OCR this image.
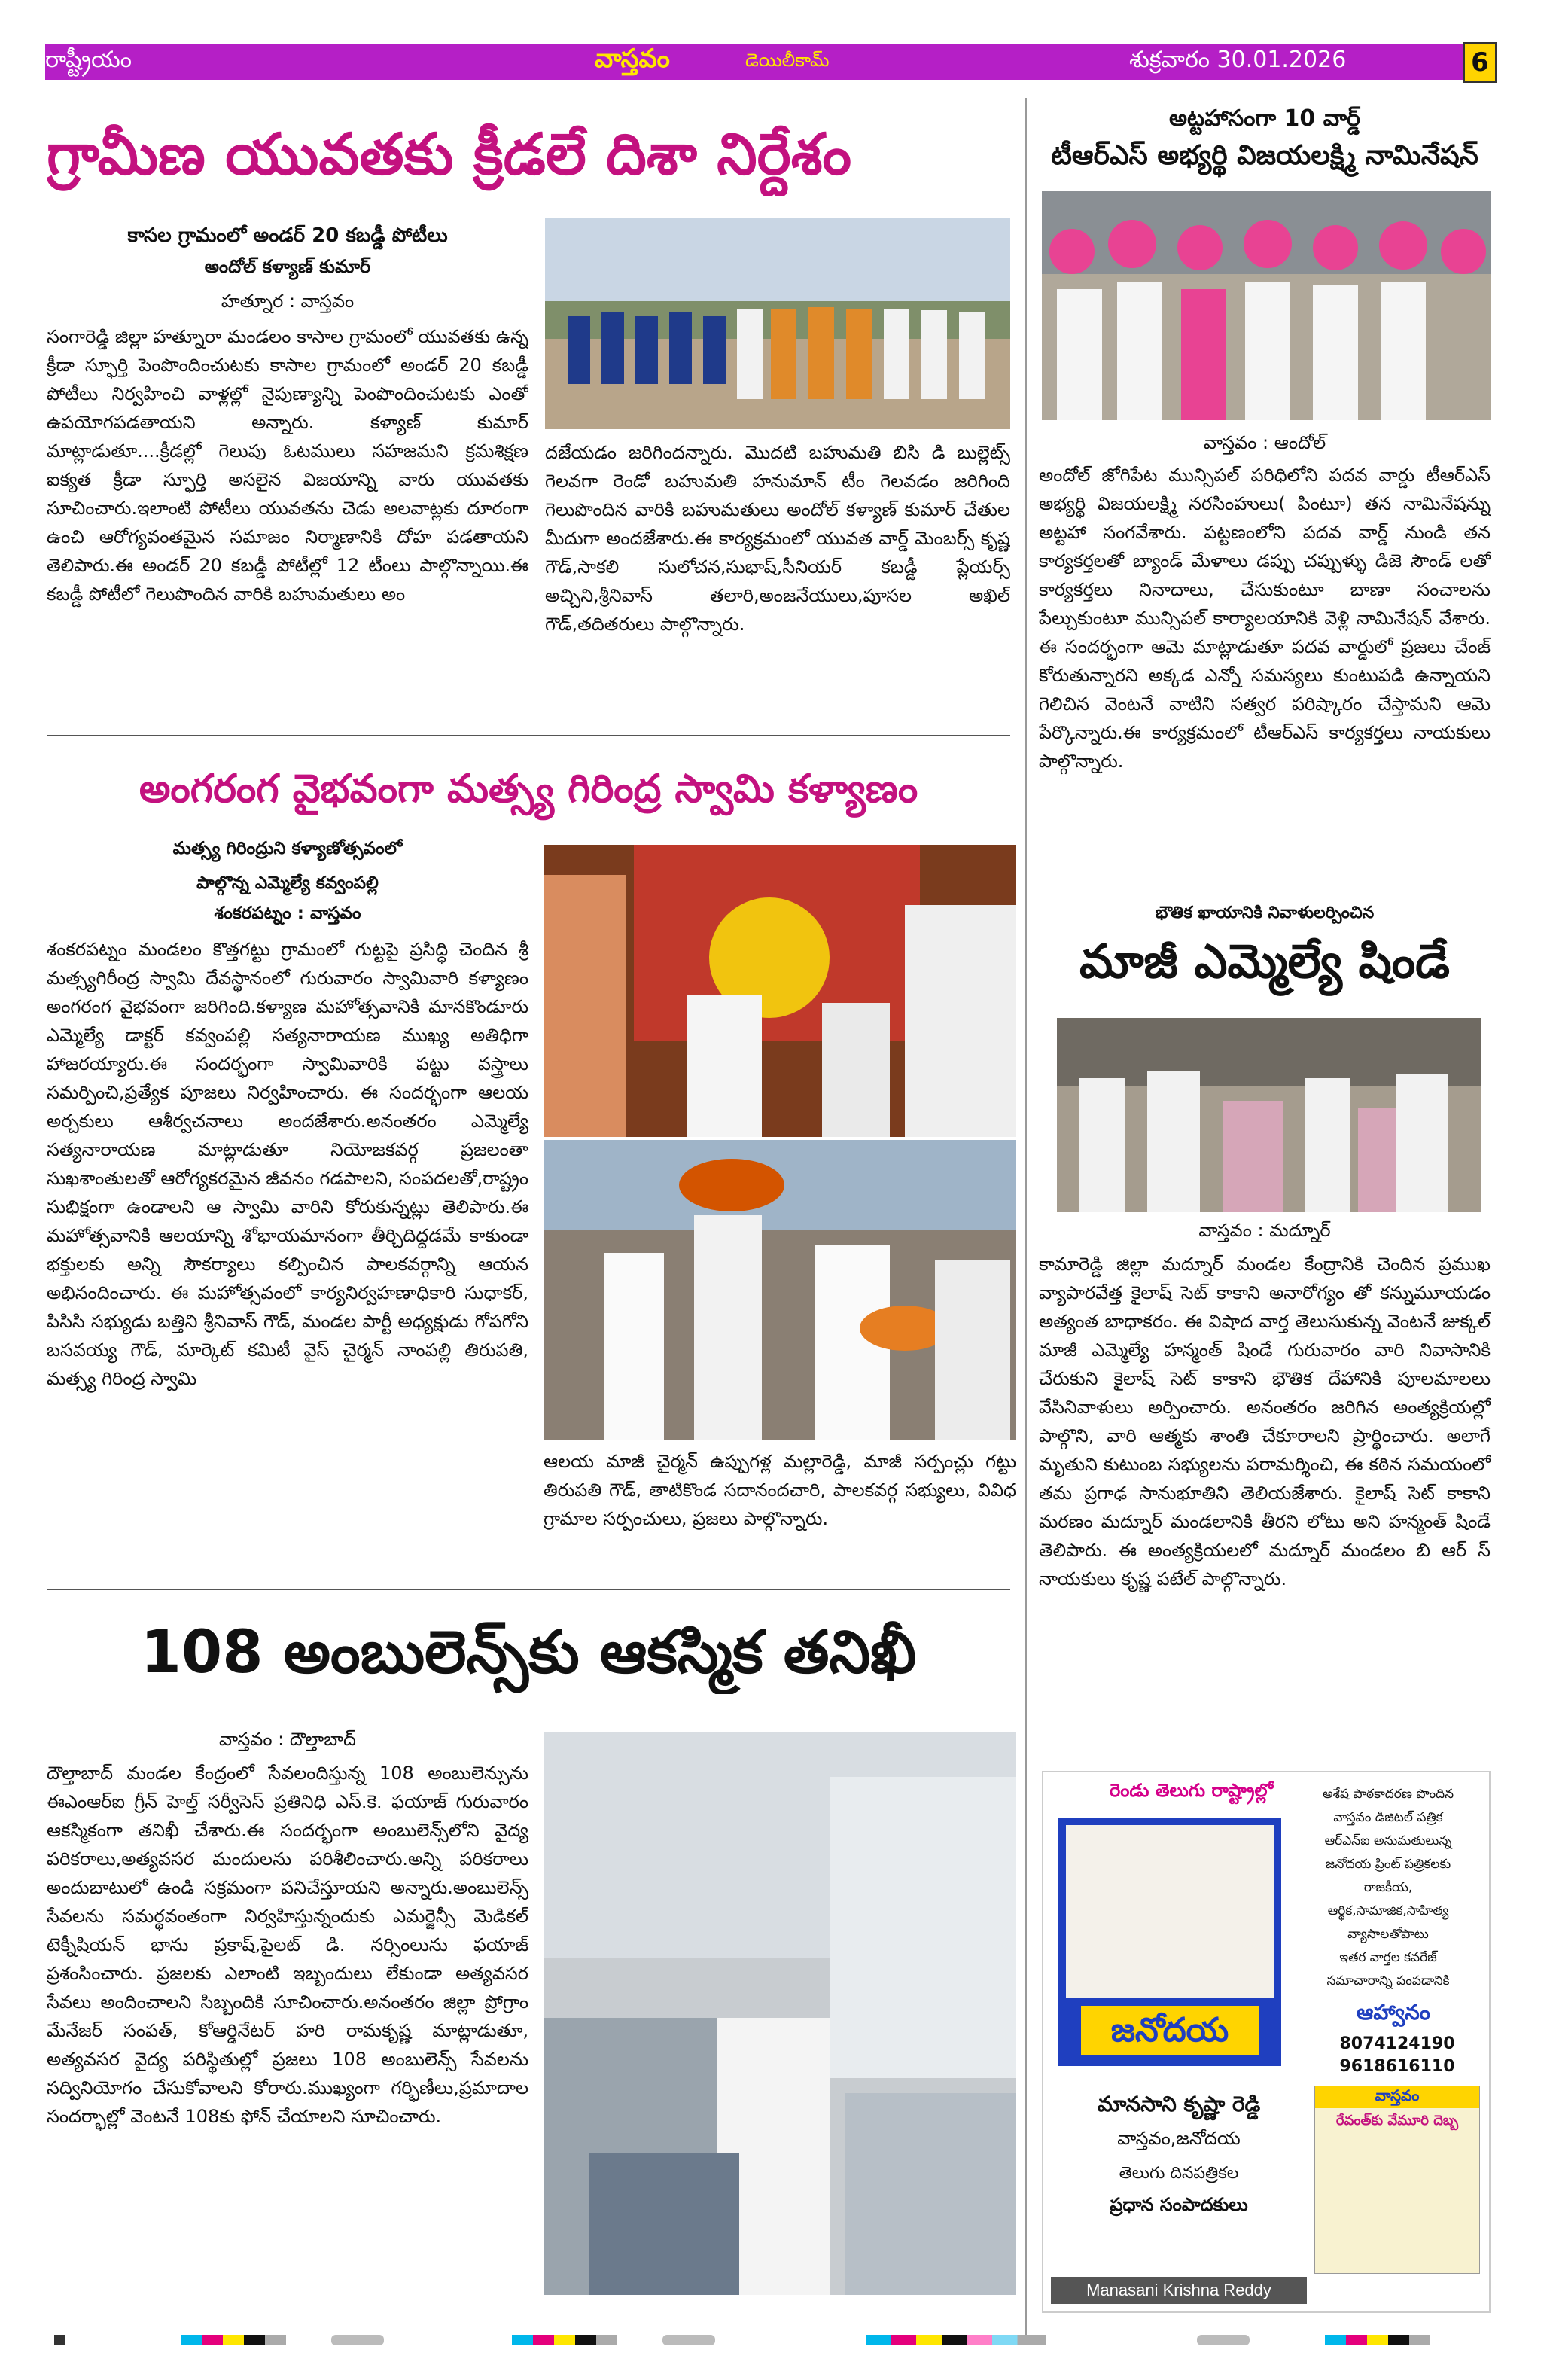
రాష్ట్రీయం	వాస్తవం	డెయిలీ‌కామ్	శుక్రవారం 30.01.2026	6
గ్రామీణ యువతకు క్రీడలే దిశా నిర్దేశం
కాసల గ్రామంలో అండర్ 20 కబడ్డీ పోటీలు
అందోల్ కళ్యాణ్ కుమార్
హత్నూర : వాస్తవం
సంగారెడ్డి జిల్లా హత్నూరా మండలం కాసాల గ్రామంలో యువతకు ఉన్న క్రీడా స్ఫూర్తి పెంపొందించుటకు కాసాల గ్రామంలో అండర్ 20 కబడ్డీ పోటీలు నిర్వహించి వాళ్లల్లో నైపుణ్యాన్ని పెంపొందించుటకు ఎంతో ఉపయోగపడతాయని అన్నారు. కళ్యాణ్ కుమార్ మాట్లాడుతూ....క్రీడల్లో గెలుపు ఓటములు సహజమని క్రమశిక్షణ ఐక్యత క్రీడా స్ఫూర్తి అసలైన విజయాన్ని వారు యువతకు సూచించారు.ఇలాంటి పోటీలు యువతను చెడు అలవాట్లకు దూరంగా ఉంచి ఆరోగ్యవంతమైన సమాజం నిర్మాణానికి దోహ పడతాయని తెలిపారు.ఈ అండర్ 20 కబడ్డీ పోటీల్లో 12 టీంలు పాల్గొన్నాయి.ఈ కబడ్డీ పోటీలో గెలుపొందిన వారికి బహుమతులు అం
దజేయడం జరిగిందన్నారు. మొదటి బహుమతి బిసి డి బుల్లెట్స్ గెలవగా రెండో బహుమతి హనుమాన్ టీం గెలవడం జరిగింది గెలుపొందిన వారికి బహుమతులు అందోల్ కళ్యాణ్ కుమార్ చేతుల మీదుగా అందజేశారు.ఈ కార్యక్రమంలో యువత వార్డ్ మెంబర్స్ కృష్ణ గౌడ్,సాకలి సులోచన,సుభాష్,సీనియర్ కబడ్డీ ప్లేయర్స్ అచ్చిని,శ్రీనివాస్ తలారి,అంజనేయులు,పూసల అఖిల్ గౌడ్,తదితరులు పాల్గొన్నారు.
అంగరంగ వైభవంగా మత్స్య గిరింద్ర స్వామి కళ్యాణం
మత్స్య గిరింద్రుని కళ్యాణోత్సవంలో
పాల్గొన్న ఎమ్మెల్యే కవ్వంపల్లి
శంకరపట్నం : వాస్తవం
శంకరపట్నం మండలం కొత్తగట్టు గ్రామంలో గుట్టపై ప్రసిద్ధి చెందిన శ్రీ మత్స్యగిరీంద్ర స్వామి దేవస్థానంలో గురువారం స్వామివారి కళ్యాణం అంగరంగ వైభవంగా జరిగింది.కళ్యాణ మహోత్సవానికి మానకొండూరు ఎమ్మెల్యే డాక్టర్ కవ్వంపల్లి సత్యనారాయణ ముఖ్య అతిధిగా హాజరయ్యారు.ఈ సందర్భంగా స్వామివారికి పట్టు వస్త్రాలు సమర్పించి,ప్రత్యేక పూజలు నిర్వహించారు. ఈ సందర్భంగా ఆలయ అర్చకులు ఆశీర్వచనాలు అందజేశారు.అనంతరం ఎమ్మెల్యే సత్యనారాయణ మాట్లాడుతూ నియోజకవర్గ ప్రజలంతా సుఖశాంతులతో ఆరోగ్యకరమైన జీవనం గడపాలని, సంపదలతో,రాష్ట్రం సుభిక్షంగా ఉండాలని ఆ స్వామి వారిని కోరుకున్నట్లు తెలిపారు.ఈ మహోత్సవానికి ఆలయాన్ని శోభాయమానంగా తీర్చిదిద్దడమే కాకుండా భక్తులకు అన్ని సౌకర్యాలు కల్పించిన పాలకవర్గాన్ని ఆయన అభినందించారు. ఈ మహోత్సవంలో కార్యనిర్వహణాధికారి సుధాకర్, పిసిసి సభ్యుడు బత్తిని శ్రీనివాస్ గౌడ్, మండల పార్టీ అధ్యక్షుడు గోపగోని బసవయ్య గౌడ్, మార్కెట్ కమిటీ వైస్ చైర్మన్ నాంపల్లి తిరుపతి, మత్స్య గిరింద్ర స్వామి
ఆలయ మాజీ చైర్మన్ ఉప్పుగళ్ల మల్లారెడ్డి, మాజీ సర్పంచ్లు గట్టు తిరుపతి గౌడ్, తాటికొండ సదానందచారి, పాలకవర్గ సభ్యులు, వివిధ గ్రామాల సర్పంచులు, ప్రజలు పాల్గొన్నారు.
108 అంబులెన్స్‌కు ఆకస్మిక తనిఖీ
వాస్తవం : దౌల్తాబాద్
దౌల్తాబాద్ మండల కేంద్రంలో సేవలందిస్తున్న 108 అంబులెన్సును ఈఎంఆర్ఐ గ్రీన్ హెల్త్ సర్వీసెస్ ప్రతినిధి ఎస్.కె. ఫయాజ్ గురువారం ఆకస్మికంగా తనిఖీ చేశారు.ఈ సందర్భంగా అంబులెన్స్‌లోని వైద్య పరికరాలు,అత్యవసర మందులను పరిశీలించారు.అన్ని పరికరాలు అందుబాటులో ఉండి సక్రమంగా పనిచేస్తూయని అన్నారు.అంబులెన్స్ సేవలను సమర్థవంతంగా నిర్వహిస్తున్నందుకు ఎమర్జెన్సీ మెడికల్ టెక్నీషియన్ భాను ప్రకాష్,పైలట్ డి. నర్సింలును ఫయాజ్ ప్రశంసించారు. ప్రజలకు ఎలాంటి ఇబ్బందులు లేకుండా అత్యవసర సేవలు అందించాలని సిబ్బందికి సూచించారు.అనంతరం జిల్లా ప్రోగ్రాం మేనేజర్ సంపత్, కోఆర్డినేటర్ హరి రామకృష్ణ మాట్లాడుతూ, అత్యవసర వైద్య పరిస్థితుల్లో ప్రజలు 108 అంబులెన్స్ సేవలను సద్వినియోగం చేసుకోవాలని కోరారు.ముఖ్యంగా గర్భిణీలు,ప్రమాదాల సందర్భాల్లో వెంటనే 108కు ఫోన్ చేయాలని సూచించారు.
అట్టహాసంగా 10 వార్డ్
టీఆర్ఎస్ అభ్యర్థి విజయలక్ష్మి నామినేషన్
వాస్తవం : ఆందోల్
అందోల్ జోగిపేట మున్సిపల్ పరిధిలోని పదవ వార్డు టీఆర్ఎస్ అభ్యర్థి విజయలక్ష్మి నరసింహులు( పింటూ) తన నామినేషన్ను అట్టహా సంగవేశారు. పట్టణంలోని పదవ వార్డ్ నుండి తన కార్యకర్తలతో బ్యాండ్ మేళాలు డప్పు చప్పుళ్ళు డిజె సౌండ్ లతో కార్యకర్తలు నినాదాలు, చేసుకుంటూ బాణా సంచాలను పేల్చుకుంటూ మున్సిపల్ కార్యాలయానికి వెళ్లి నామినేషన్ వేశారు. ఈ సందర్భంగా ఆమె మాట్లాడుతూ పదవ వార్డులో ప్రజలు చేంజ్ కోరుతున్నారని అక్కడ ఎన్నో సమస్యలు కుంటుపడి ఉన్నాయని గెలిచిన వెంటనే వాటిని సత్వర పరిష్కారం చేస్తామని ఆమె పేర్కొన్నారు.ఈ కార్యక్రమంలో టీఆర్ఎస్ కార్యకర్తలు నాయకులు పాల్గొన్నారు.
భౌతిక ఖాయానికి నివాళులర్పించిన
మాజీ ఎమ్మెల్యే షిండే
వాస్తవం : మద్నూర్
కామారెడ్డి జిల్లా మద్నూర్ మండల కేంద్రానికి చెందిన ప్రముఖ వ్యాపారవేత్త కైలాష్ సెట్ కాకాని అనారోగ్యం తో కన్నుమూయడం అత్యంత బాధాకరం. ఈ విషాద వార్త తెలుసుకున్న వెంటనే జుక్కల్ మాజీ ఎమ్మెల్యే హన్మంత్ షిండే గురువారం వారి నివాసానికి చేరుకుని కైలాష్ సెట్ కాకాని భౌతిక దేహానికి పూలమాలలు వేసినివాళులు అర్పించారు. అనంతరం జరిగిన అంత్యక్రియల్లో పాల్గొని, వారి ఆత్మకు శాంతి చేకూరాలని ప్రార్థించారు. అలాగే మృతుని కుటుంబ సభ్యులను పరామర్శించి, ఈ కఠిన సమయంలో తమ ప్రగాఢ సానుభూతిని తెలియజేశారు. కైలాష్ సెట్ కాకాని మరణం మద్నూర్ మండలానికి తీరని లోటు అని హన్మంత్ షిండే తెలిపారు. ఈ అంత్యక్రియలలో మద్నూర్ మండలం బి ఆర్ స్ నాయకులు కృష్ణ పటేల్ పాల్గొన్నారు.
రెండు తెలుగు రాష్ట్రాల్లో
జనోదయ
అశేష పాఠకాదరణ పొందిన
వాస్తవం డిజిటల్ పత్రిక
ఆర్ఎన్ఐ అనుమతులున్న
జనోదయ ప్రింట్ పత్రికలకు
రాజకీయ,
ఆర్థిక,సామాజిక,సాహిత్య
వ్యాసాలతోపాటు
ఇతర వార్తల కవరేజ్
సమాచారాన్ని పంపడానికి
ఆహ్వానం
8074124190
9618616110
వాస్తవం
రేవంత్‌కు వేమూరి దెబ్బ
మానసాని కృష్ణా రెడ్డి
వాస్తవం,జనోదయ
తెలుగు దినపత్రికల
ప్రధాన సంపాదకులు
Manasani Krishna Reddy
